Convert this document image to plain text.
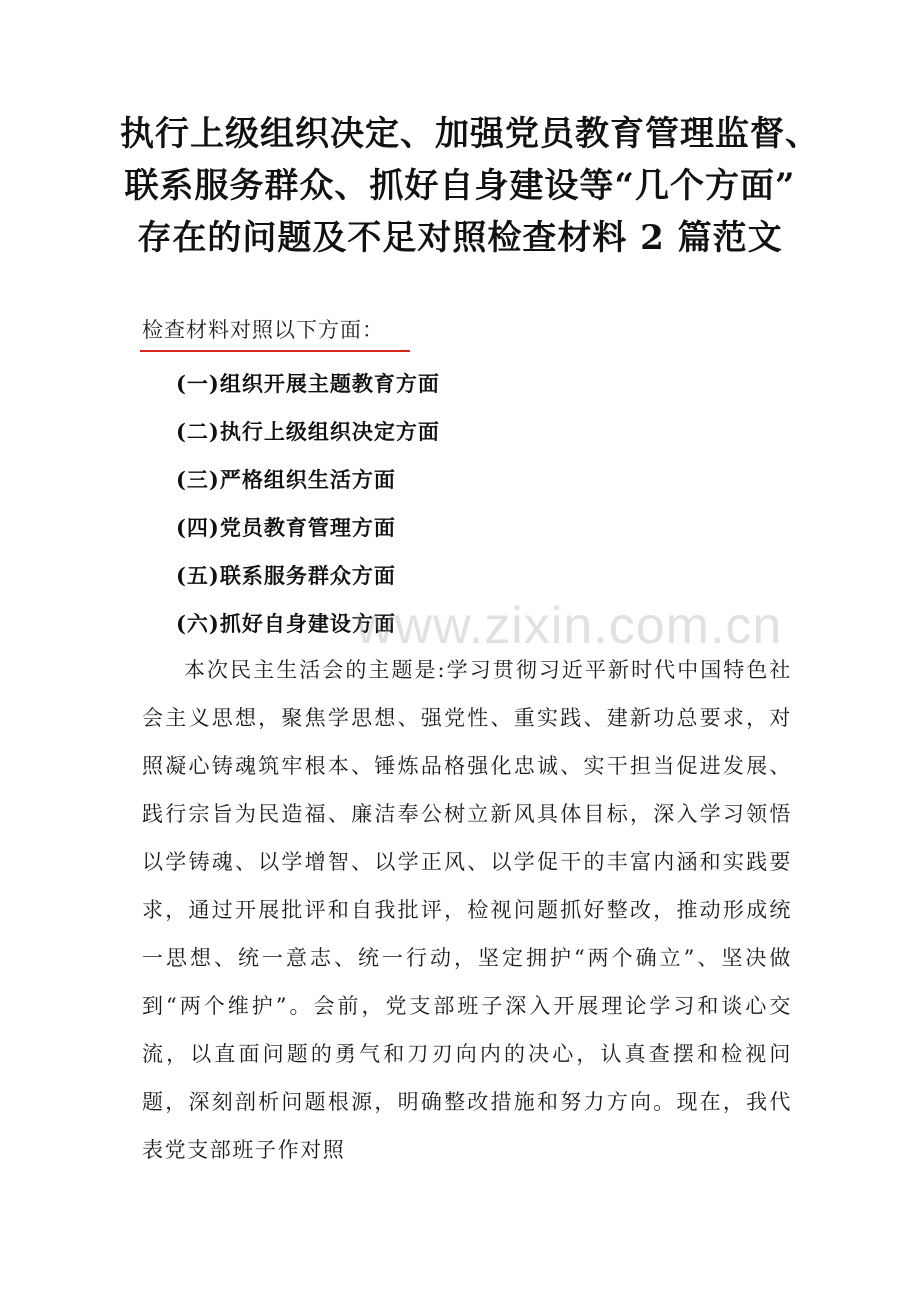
执行上级组织决定、加强党员教育管理监督、
联系服务群众、抓好自身建设等“几个方面”
存在的问题及不足对照检查材料 2 篇范文
检查材料对照以下方面：
(一)组织开展主题教育方面
(二)执行上级组织决定方面
(三)严格组织生活方面
(四)党员教育管理方面
(五)联系服务群众方面
(六)抓好自身建设方面
www.zixin.com.cn

本次民主生活会的主题是:学习贯彻习近平新时代中国特色社会主义思想，聚焦学思想、强党性、重实践、建新功总要求，对照凝心铸魂筑牢根本、锤炼品格强化忠诚、实干担当促进发展、践行宗旨为民造福、廉洁奉公树立新风具体目标，深入学习领悟以学铸魂、以学增智、以学正风、以学促干的丰富内涵和实践要求，通过开展批评和自我批评，检视问题抓好整改，推动形成统一思想、统一意志、统一行动，坚定拥护“两个确立”、坚决做到“两个维护”。会前，党支部班子深入开展理论学习和谈心交流，以直面问题的勇气和刀刃向内的决心，认真查摆和检视问题，深刻剖析问题根源，明确整改措施和努力方向。现在，我代表党支部班子作对照
